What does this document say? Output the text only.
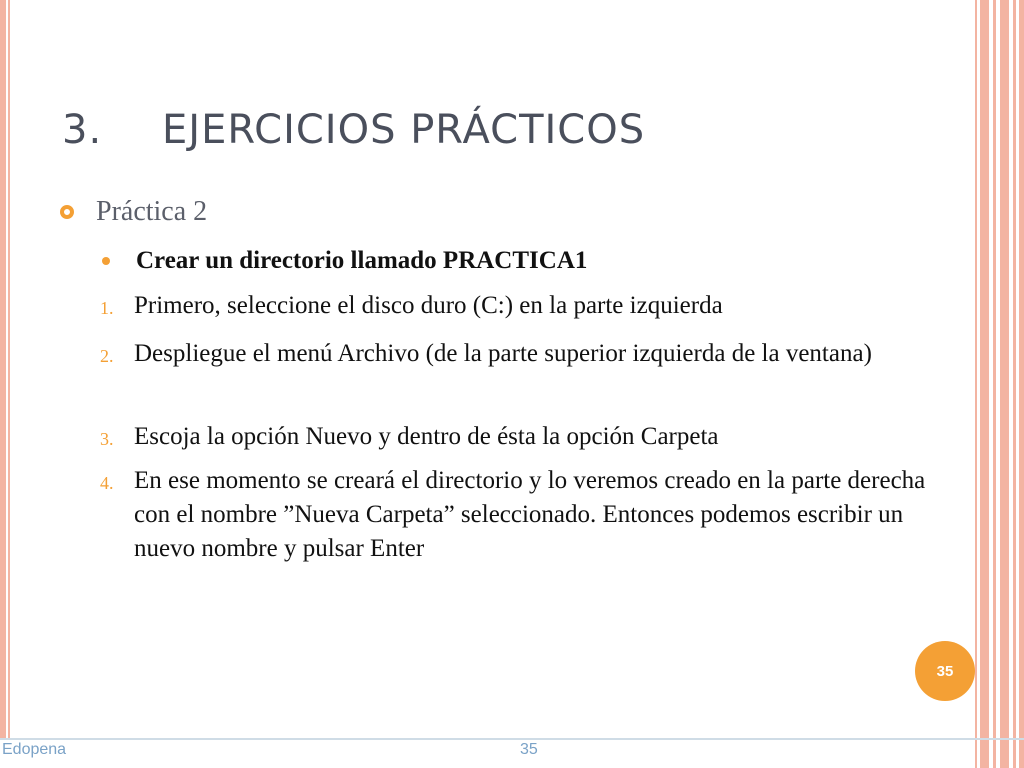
3. EJERCICIOS PRÁCTICOS
Práctica 2
Crear un directorio llamado PRACTICA1
1. Primero, seleccione el disco duro (C:) en la parte izquierda
2. Despliegue el menú Archivo (de la parte superior izquierda de la ventana)
3. Escoja la opción Nuevo y dentro de ésta la opción Carpeta
4. En ese momento se creará el directorio y lo veremos creado en la parte derecha con el nombre ”Nueva Carpeta” seleccionado. Entonces podemos escribir un nuevo nombre y pulsar Enter
35
Edopena	35
